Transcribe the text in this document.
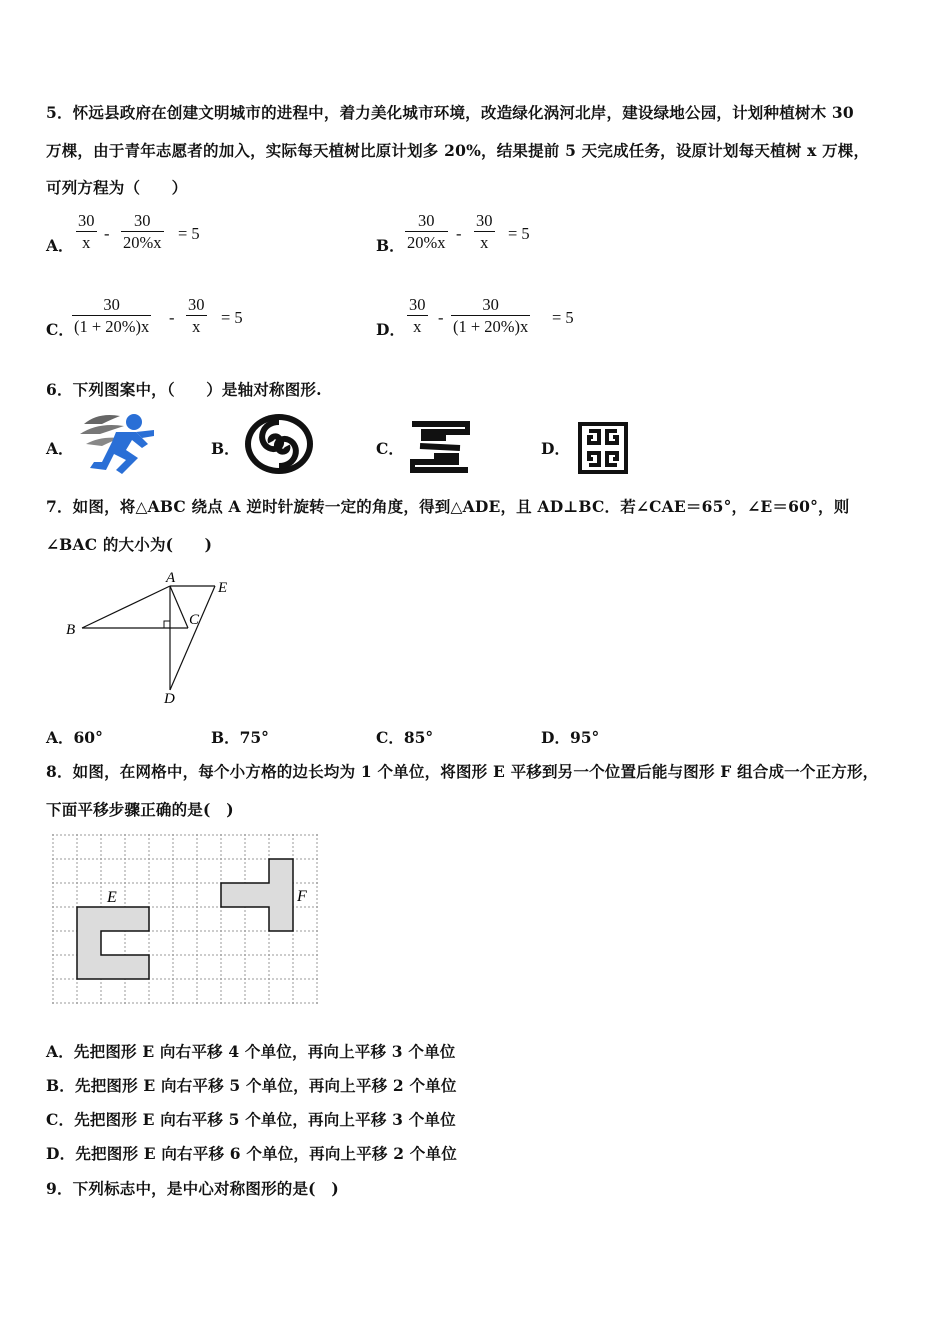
5．怀远县政府在创建文明城市的进程中，着力美化城市环境，改造绿化涡河北岸，建设绿地公园，计划种植树木 30
万棵，由于青年志愿者的加入，实际每天植树比原计划多 20%，结果提前 5 天完成任务，设原计划每天植树 x 万棵，
可列方程为（　　）
A．
30
x -
30
20%x = 5
B．
30
20%x -
30
x = 5
C．
30
(1 + 20%)x -
30
x = 5
D．
30
x -
30
(1 + 20%)x = 5
6．下列图案中，（　　）是轴对称图形.
A．	B．	C．	D．
7．如图，将△ABC 绕点 A 逆时针旋转一定的角度，得到△ADE，且 AD⊥BC．若∠CAE＝65°，∠E＝60°，则
∠BAC 的大小为(　　)
A
B
C
D
E
A．60°	B．75°	C．85°	D．95°
8．如图，在网格中，每个小方格的边长均为 1 个单位，将图形 E 平移到另一个位置后能与图形 F 组合成一个正方形，
下面平移步骤正确的是(　)
E	F
A．先把图形 E 向右平移 4 个单位，再向上平移 3 个单位
B．先把图形 E 向右平移 5 个单位，再向上平移 2 个单位
C．先把图形 E 向右平移 5 个单位，再向上平移 3 个单位
D．先把图形 E 向右平移 6 个单位，再向上平移 2 个单位
9．下列标志中，是中心对称图形的是(　)
